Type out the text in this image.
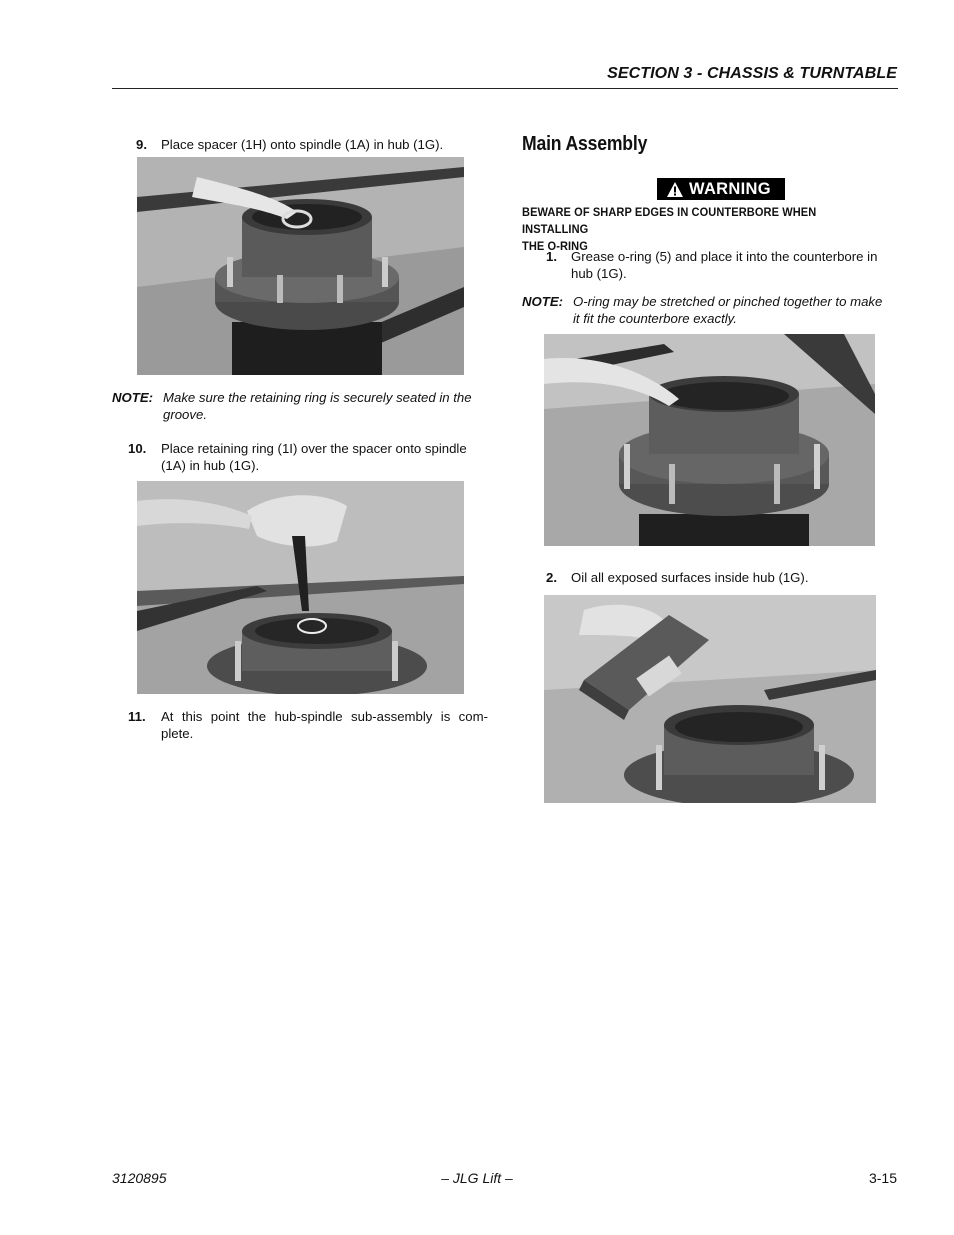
SECTION 3 - CHASSIS & TURNTABLE
9. Place spacer (1H) onto spindle (1A) in hub (1G).
NOTE: Make sure the retaining ring is securely seated in the
groove.
10. Place retaining ring (1I) over the spacer onto spindle
(1A) in hub (1G).
11. At this point the hub-spindle sub-assembly is com-
plete.
Main Assembly
WARNING
BEWARE OF SHARP EDGES IN COUNTERBORE WHEN INSTALLING
THE O-RING
1. Grease o-ring (5) and place it into the counterbore in
hub (1G).
NOTE: O-ring may be stretched or pinched together to make
it fit the counterbore exactly.
2. Oil all exposed surfaces inside hub (1G).
3120895	– JLG Lift –	3-15
